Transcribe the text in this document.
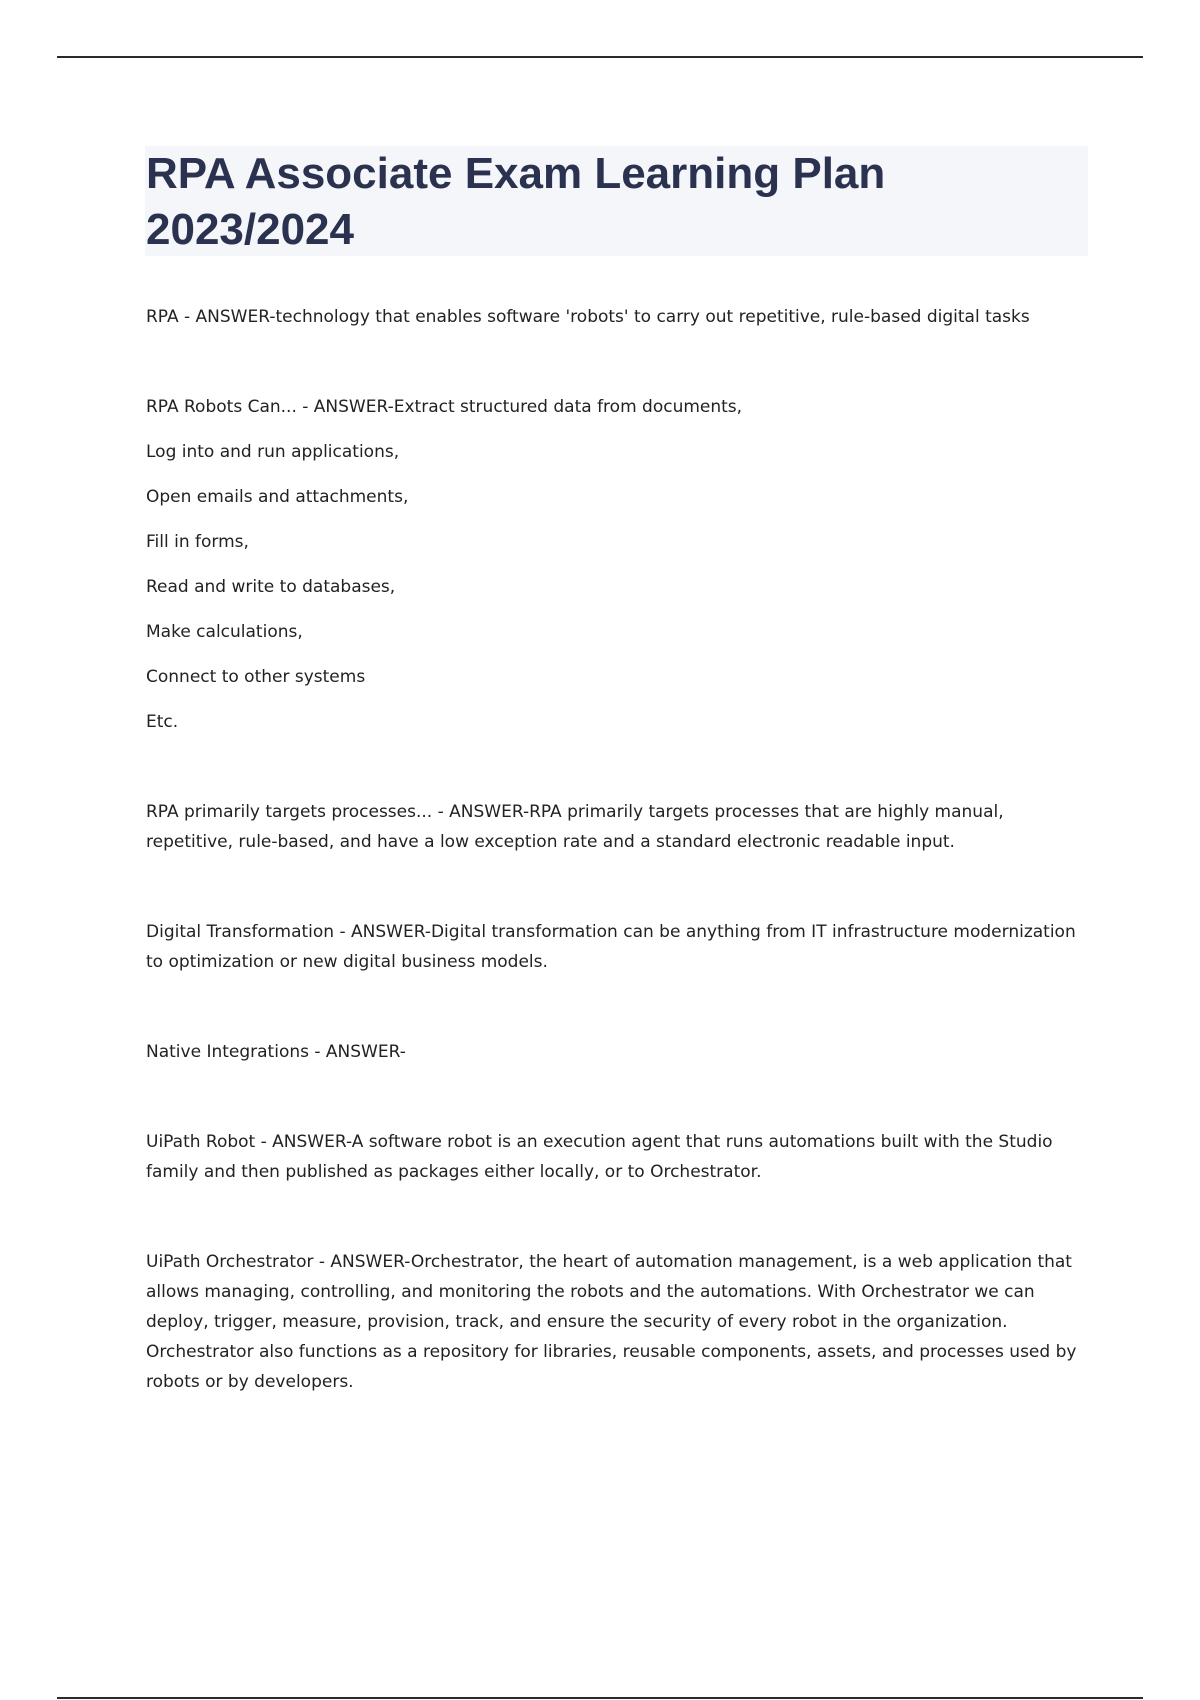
RPA Associate Exam Learning Plan 2023/2024

RPA - ANSWER-technology that enables software 'robots' to carry out repetitive, rule-based digital tasks

RPA Robots Can... - ANSWER-Extract structured data from documents,

Log into and run applications,

Open emails and attachments,

Fill in forms,

Read and write to databases,

Make calculations,

Connect to other systems

Etc.

RPA primarily targets processes... - ANSWER-RPA primarily targets processes that are highly manual, repetitive, rule-based, and have a low exception rate and a standard electronic readable input.

Digital Transformation - ANSWER-Digital transformation can be anything from IT infrastructure modernization to optimization or new digital business models.

Native Integrations - ANSWER-

UiPath Robot - ANSWER-A software robot is an execution agent that runs automations built with the Studio family and then published as packages either locally, or to Orchestrator.

UiPath Orchestrator - ANSWER-Orchestrator, the heart of automation management, is a web application that allows managing, controlling, and monitoring the robots and the automations. With Orchestrator we can deploy, trigger, measure, provision, track, and ensure the security of every robot in the organization. Orchestrator also functions as a repository for libraries, reusable components, assets, and processes used by robots or by developers.
